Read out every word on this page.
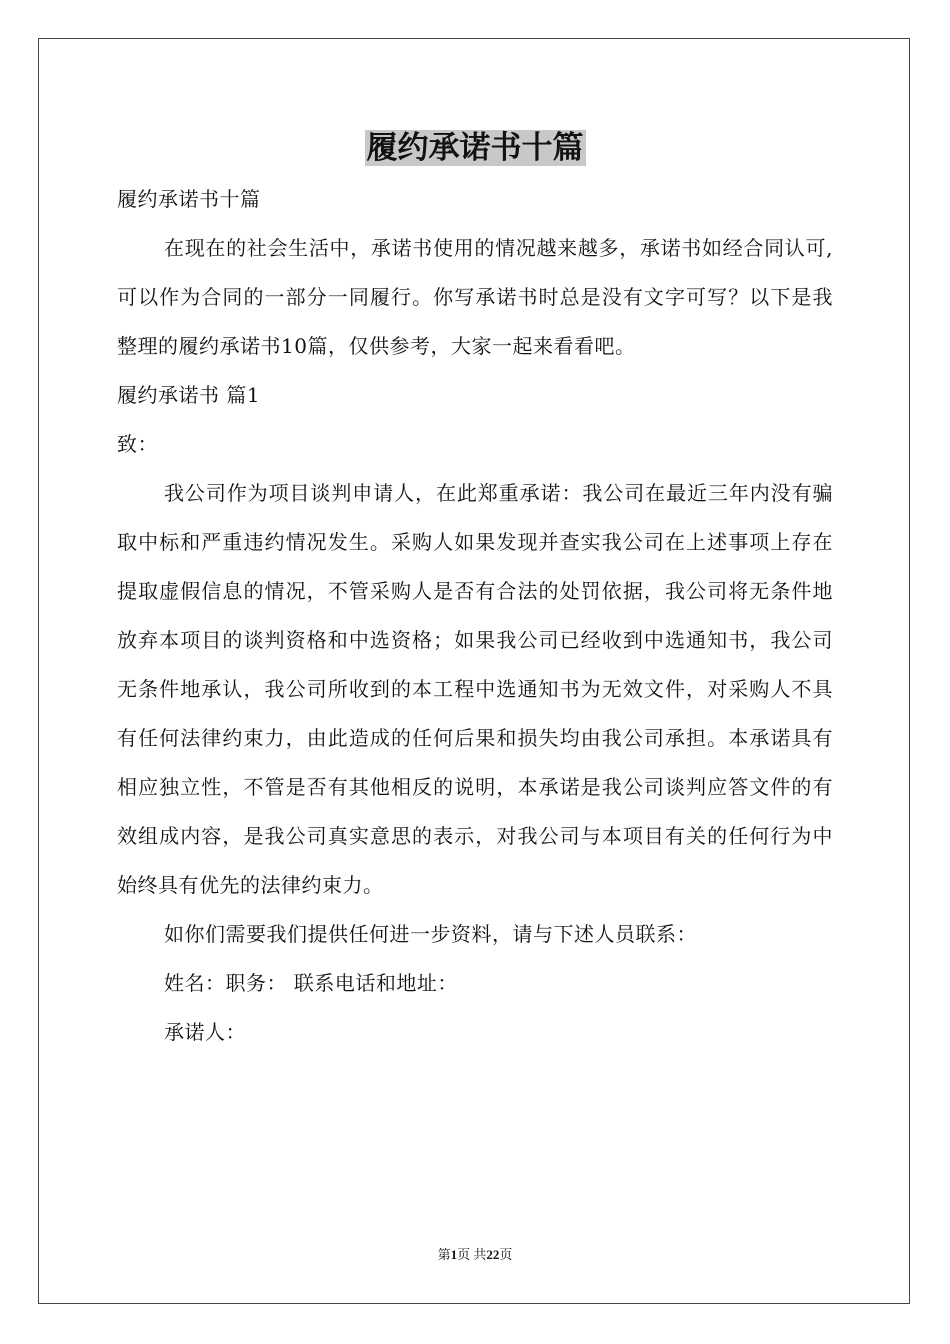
履约承诺书十篇

履约承诺书十篇

在现在的社会生活中，承诺书使用的情况越来越多，承诺书如经合同认可,可以作为合同的一部分一同履行。你写承诺书时总是没有文字可写？以下是我整理的履约承诺书10篇，仅供参考，大家一起来看看吧。

履约承诺书 篇1

致：

我公司作为项目谈判申请人，在此郑重承诺：我公司在最近三年内没有骗取中标和严重违约情况发生。采购人如果发现并查实我公司在上述事项上存在提取虚假信息的情况，不管采购人是否有合法的处罚依据，我公司将无条件地放弃本项目的谈判资格和中选资格；如果我公司已经收到中选通知书，我公司无条件地承认，我公司所收到的本工程中选通知书为无效文件，对采购人不具有任何法律约束力，由此造成的任何后果和损失均由我公司承担。本承诺具有相应独立性，不管是否有其他相反的说明，本承诺是我公司谈判应答文件的有效组成内容，是我公司真实意思的表示，对我公司与本项目有关的任何行为中始终具有优先的法律约束力。

如你们需要我们提供任何进一步资料，请与下述人员联系：

姓名：职务： 联系电话和地址：

承诺人：

第1页 共22页
